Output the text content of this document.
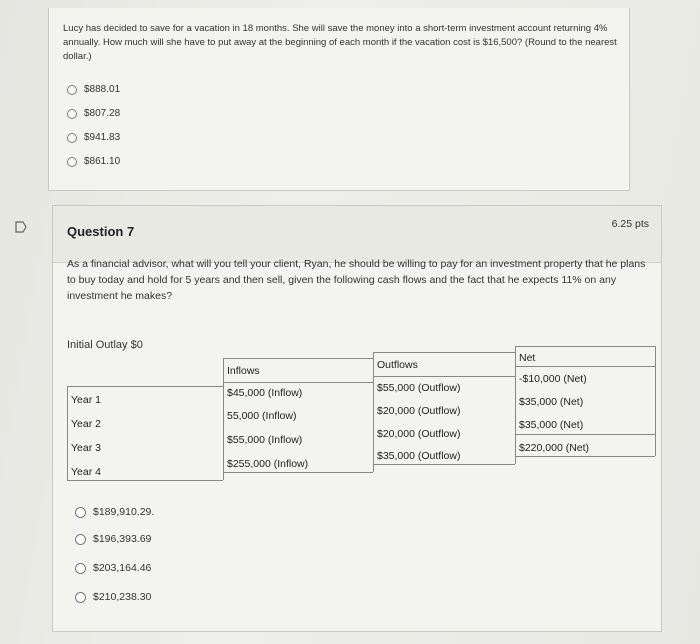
Lucy has decided to save for a vacation in 18 months. She will save the money into a short-term investment account returning 4% annually. How much will she have to put away at the beginning of each month if the vacation cost is $16,500? (Round to the nearest dollar.)
$888.01
$807.28
$941.83
$861.10
Question 7	6.25 pts
As a financial advisor, what will you tell your client, Ryan, he should be willing to pay for an investment property that he plans to buy today and hold for 5 years and then sell, given the following cash flows and the fact that he expects 11% on any investment he makes?
Initial Outlay $0
Inflows	Outflows
Net
Year 1
Year 2
Year 3
Year 4
$45,000 (Inflow)
55,000 (Inflow)
$55,000 (Inflow)
$255,000 (Inflow)
$55,000 (Outflow)
$20,000 (Outflow)
$20,000 (Outflow)
$35,000 (Outflow)
-$10,000 (Net)
$35,000 (Net)
$35,000 (Net)
$220,000 (Net)
$189,910.29.
$196,393.69
$203,164.46
$210,238.30
